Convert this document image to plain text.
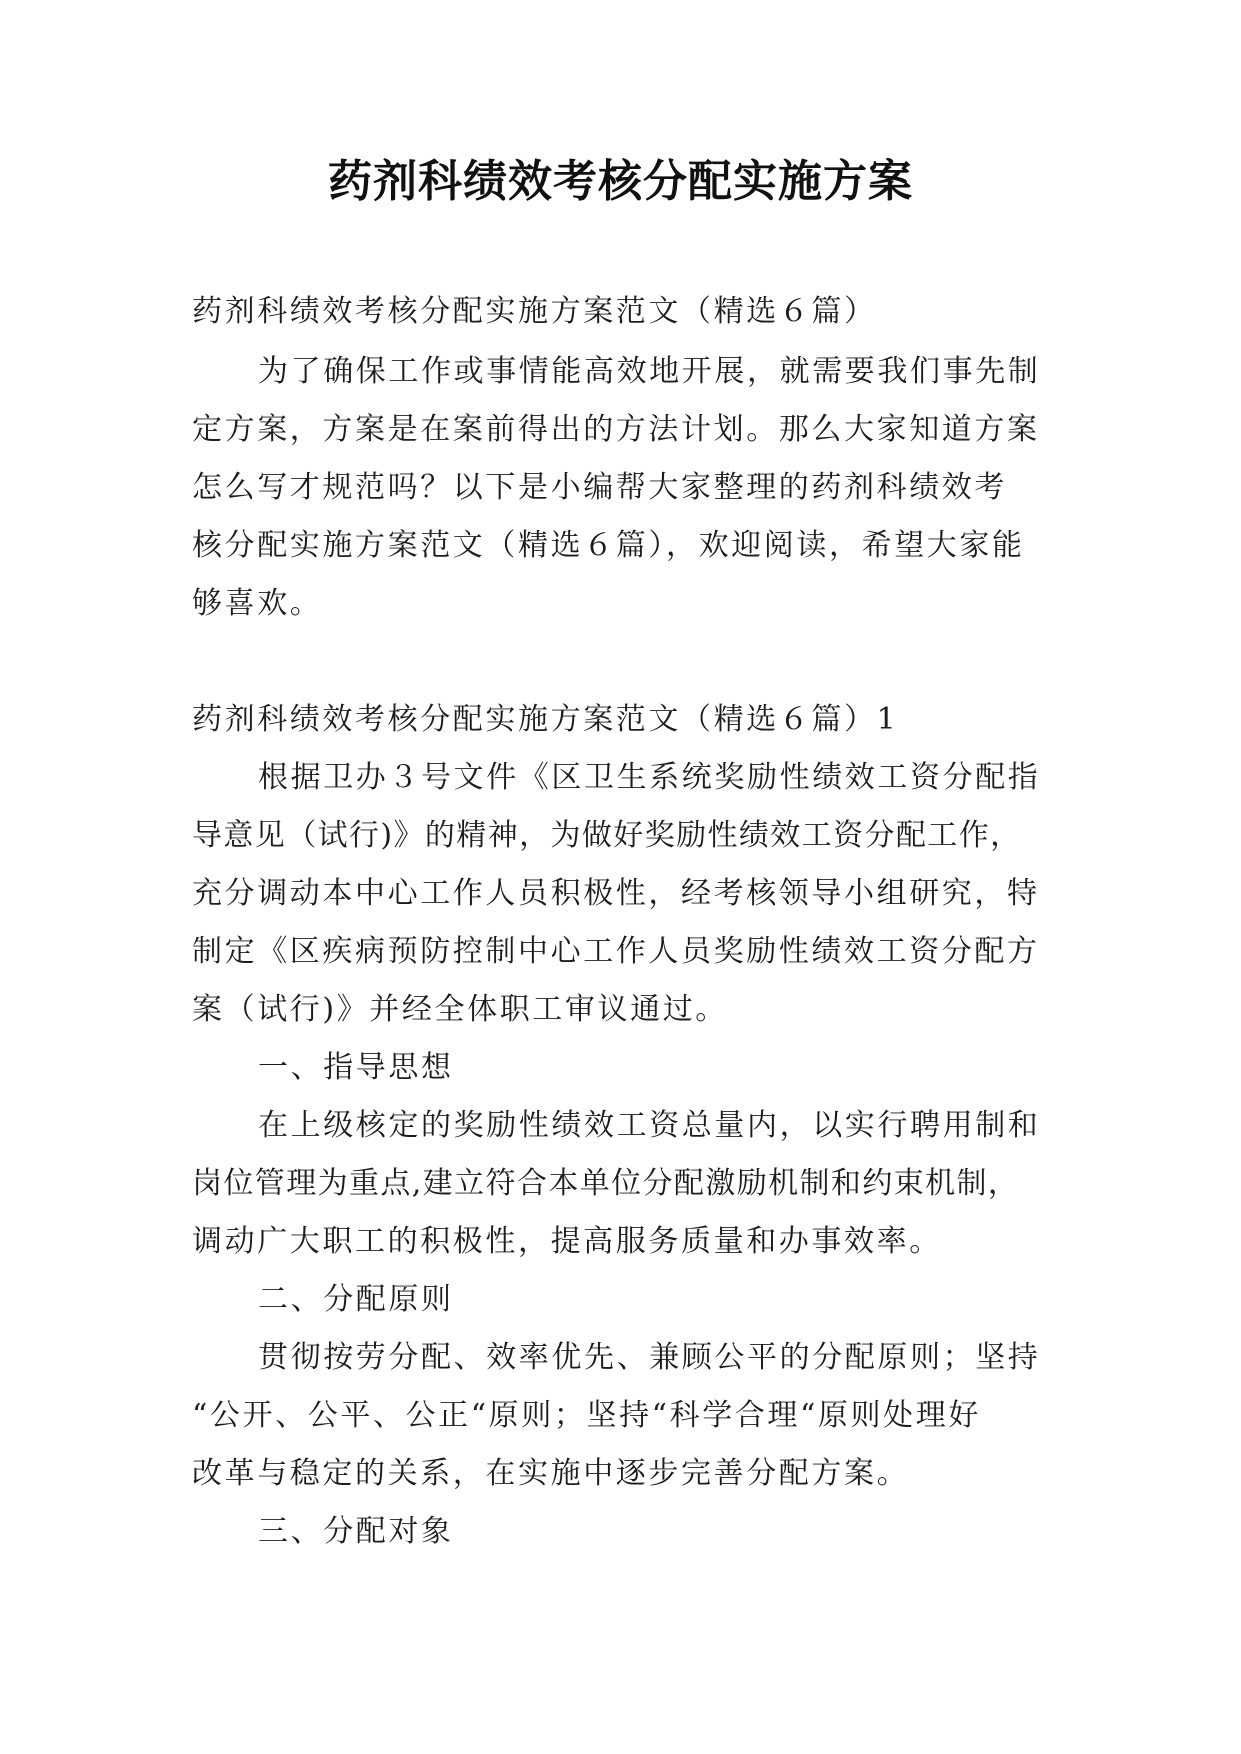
药剂科绩效考核分配实施方案
药剂科绩效考核分配实施方案范文（精选６篇）
为了确保工作或事情能高效地开展，就需要我们事先制
定方案，方案是在案前得出的方法计划。那么大家知道方案
怎么写才规范吗？以下是小编帮大家整理的药剂科绩效考
核分配实施方案范文（精选６篇），欢迎阅读，希望大家能
够喜欢。
药剂科绩效考核分配实施方案范文（精选６篇）1
根据卫办３号文件《区卫生系统奖励性绩效工资分配指
导意见（试行)》的精神，为做好奖励性绩效工资分配工作，
充分调动本中心工作人员积极性，经考核领导小组研究，特
制定《区疾病预防控制中心工作人员奖励性绩效工资分配方
案（试行)》并经全体职工审议通过。
一、指导思想
在上级核定的奖励性绩效工资总量内，以实行聘用制和
岗位管理为重点,建立符合本单位分配激励机制和约束机制，
调动广大职工的积极性，提高服务质量和办事效率。
二、分配原则
贯彻按劳分配、效率优先、兼顾公平的分配原则；坚持
“公开、公平、公正“原则；坚持“科学合理“原则处理好
改革与稳定的关系，在实施中逐步完善分配方案。
三、分配对象
